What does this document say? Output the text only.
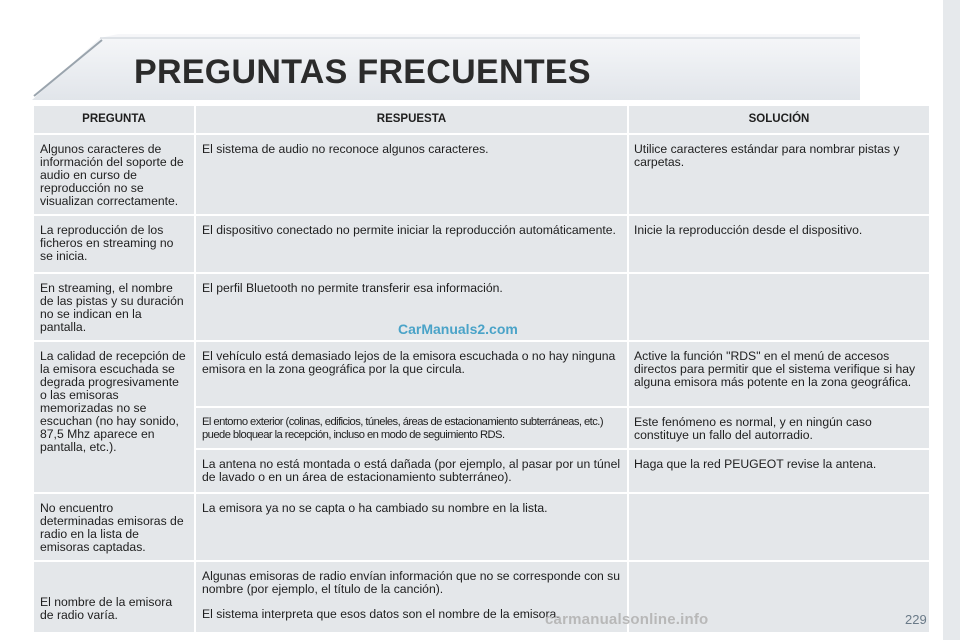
PREGUNTAS FRECUENTES
PREGUNTA	RESPUESTA	SOLUCIÓN
Algunos caracteres de información del soporte de audio en curso de reproducción no se visualizan correctamente.	El sistema de audio no reconoce algunos caracteres.	Utilice caracteres estándar para nombrar pistas y carpetas.
La reproducción de los ficheros en streaming no se inicia.	El dispositivo conectado no permite iniciar la reproducción automáticamente.	Inicie la reproducción desde el dispositivo.
En streaming, el nombre de las pistas y su duración no se indican en la pantalla.	El perfil Bluetooth no permite transferir esa información.	
La calidad de recepción de la emisora escuchada se degrada progresivamente o las emisoras memorizadas no se escuchan (no hay sonido, 87,5 Mhz aparece en pantalla, etc.).	El vehículo está demasiado lejos de la emisora escuchada o no hay ninguna emisora en la zona geográfica por la que circula.	Active la función "RDS" en el menú de accesos directos para permitir que el sistema verifique si hay alguna emisora más potente en la zona geográfica.
	El entorno exterior (colinas, edificios, túneles, áreas de estacionamiento subterráneas, etc.) puede bloquear la recepción, incluso en modo de seguimiento RDS.	Este fenómeno es normal, y en ningún caso constituye un fallo del autorradio.
	La antena no está montada o está dañada (por ejemplo, al pasar por un túnel de lavado o en un área de estacionamiento subterráneo).	Haga que la red PEUGEOT revise la antena.
No encuentro determinadas emisoras de radio en la lista de emisoras captadas.	La emisora ya no se capta o ha cambiado su nombre en la lista.	
El nombre de la emisora de radio varía.	Algunas emisoras de radio envían información que no se corresponde con su nombre (por ejemplo, el título de la canción).

El sistema interpreta que esos datos son el nombre de la emisora.	

CarManuals2.com
carmanualsonline.info	229
